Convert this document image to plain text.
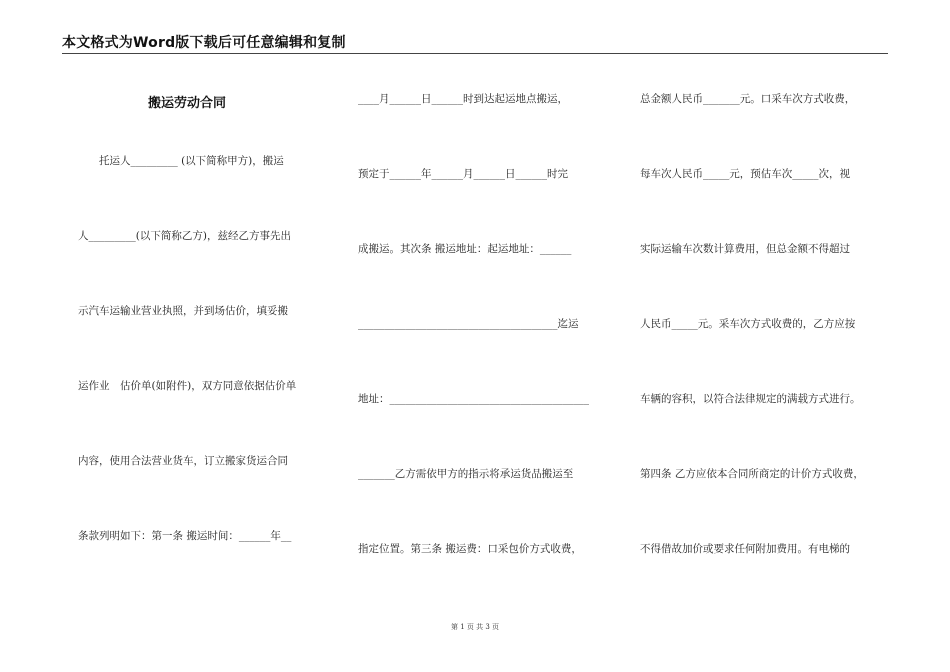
本文格式为Word版下载后可任意编辑和复制
搬运劳动合同
　　托运人_________ (以下简称甲方)，搬运
人_________(以下简称乙方)，兹经乙方事先出
示汽车运输业营业执照，并到场估价，填妥搬
运作业　估价单(如附件)，双方同意依据估价单
内容，使用合法营业货车，订立搬家货运合同
条款列明如下：第一条 搬运时间：______年__
____月______日______时到达起运地点搬运，
预定于______年______月______日______时完
成搬运。其次条 搬运地址：起运地址：______
______________________________________迄运
地址：______________________________________
_______乙方需依甲方的指示将承运货品搬运至
指定位置。第三条 搬运费：口采包价方式收费，
总金额人民币_______元。口采车次方式收费，
每车次人民币_____元，预估车次_____次，视
实际运输车次数计算费用，但总金额不得超过
人民币_____元。采车次方式收费的，乙方应按
车辆的容积，以符合法律规定的满载方式进行。
第四条 乙方应依本合同所商定的计价方式收费，
不得借故加价或要求任何附加费用。有电梯的
第 1 页 共 3 页
